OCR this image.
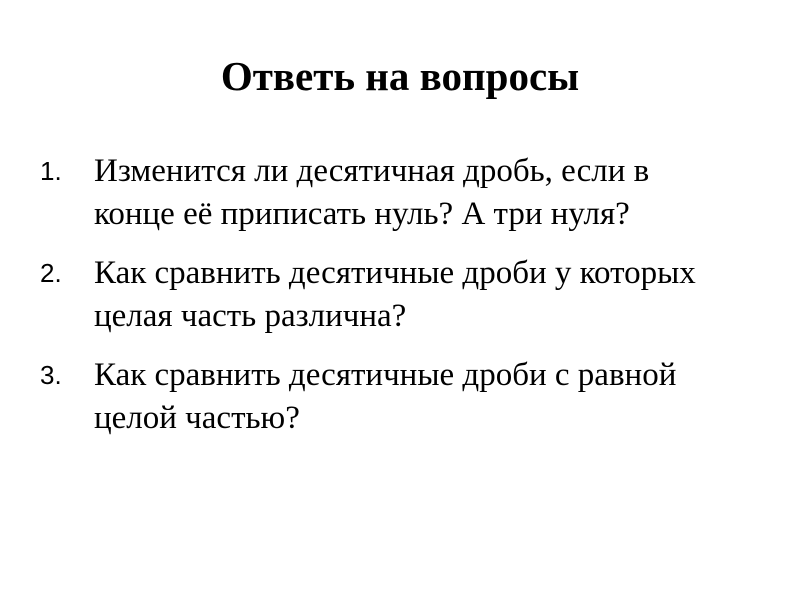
Ответь на вопросы
1. Изменится ли десятичная дробь, если в
конце её приписать нуль? А три нуля?
2. Как сравнить десятичные дроби у которых
целая часть различна?
3. Как сравнить десятичные дроби с равной
целой частью?
